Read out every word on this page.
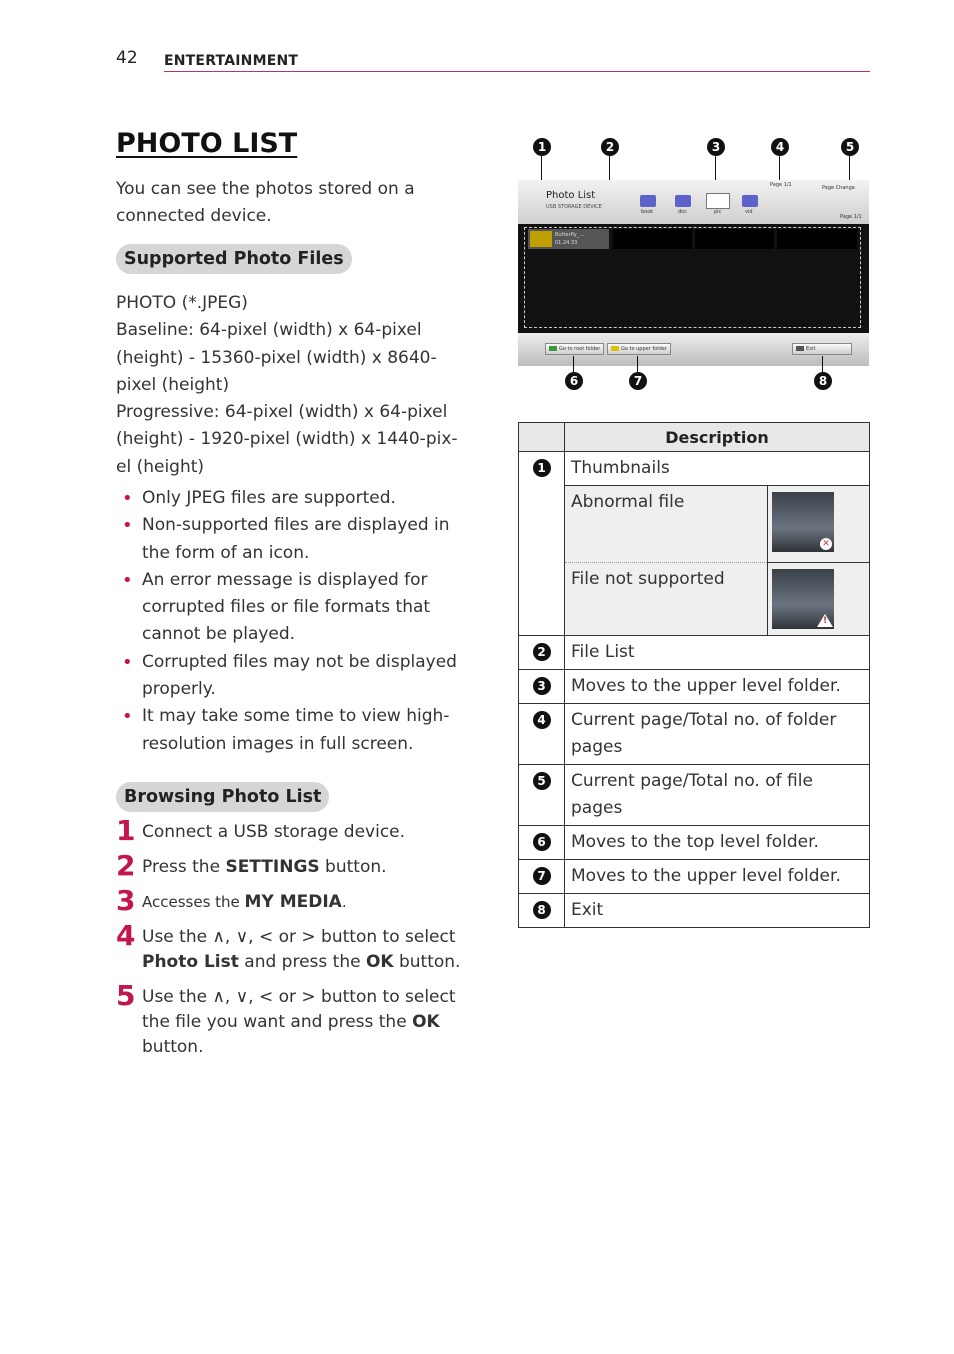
42 ENTERTAINMENT
PHOTO LIST
You can see the photos stored on a connected device.
Supported Photo Files
PHOTO (*.JPEG)
Baseline: 64-pixel (width) x 64-pixel (height) - 15360-pixel (width) x 8640-pixel (height)
Progressive: 64-pixel (width) x 64-pixel (height) - 1920-pixel (width) x 1440-pix-el (height)
• Only JPEG files are supported.
• Non-supported files are displayed in the form of an icon.
• An error message is displayed for corrupted files or file formats that cannot be played.
• Corrupted files may not be displayed properly.
• It may take some time to view high-resolution images in full screen.
Browsing Photo List
1 Connect a USB storage device.
2 Press the SETTINGS button.
3 Accesses the MY MEDIA.
4 Use the ∧, ∨, < or > button to select Photo List and press the OK button.
5 Use the ∧, ∨, < or > button to select the file you want and press the OK button.
1	2	3	4	5
Photo List
USB STORAGE DEVICE
book	doc	pic	vid
Page 1/1	Page Change
Page 1/1
Butterfly_...
01.24.33
Go to root folder	Go to upper folder	Exit
6	7	8
	Description	
1	Thumbnails	
	Abnormal file	✕

	File not supported	!

2	File List	
3	Moves to the upper level folder.	
4	Current page/Total no. of folder pages	
5	Current page/Total no. of file pages	
6	Moves to the top level folder.	
7	Moves to the upper level folder.	
8	Exit	
